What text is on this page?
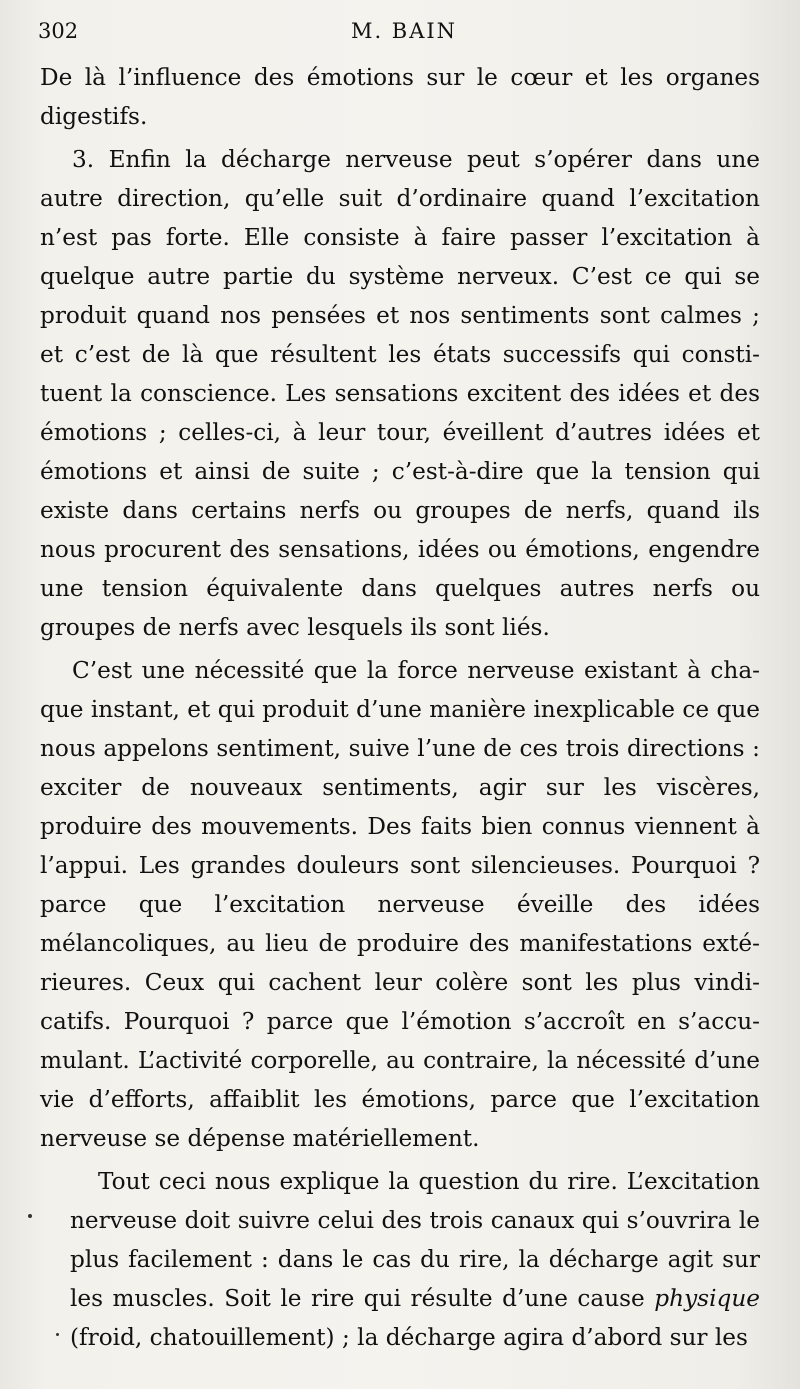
302	M. BAIN

De là l’influence des émotions sur le cœur et les organes digestifs.

3. Enfin la décharge nerveuse peut s’opérer dans une autre direction, qu’elle suit d’ordinaire quand l’excitation n’est pas forte. Elle consiste à faire passer l’excitation à quelque autre partie du système nerveux. C’est ce qui se produit quand nos pensées et nos sentiments sont calmes ; et c’est de là que résultent les états successifs qui constituent la conscience. Les sensations excitent des idées et des émotions ; celles-ci, à leur tour, éveillent d’autres idées et émotions et ainsi de suite ; c’est-à-dire que la tension qui existe dans certains nerfs ou groupes de nerfs, quand ils nous procurent des sensations, idées ou émotions, engendre une tension équivalente dans quelques autres nerfs ou groupes de nerfs avec lesquels ils sont liés.

C’est une nécessité que la force nerveuse existant à chaque instant, et qui produit d’une manière inexplicable ce que nous appelons sentiment, suive l’une de ces trois directions : exciter de nouveaux sentiments, agir sur les viscères, produire des mouvements. Des faits bien connus viennent à l’appui. Les grandes douleurs sont silencieuses. Pourquoi ? parce que l’excitation nerveuse éveille des idées mélancoliques, au lieu de produire des manifestations extérieures. Ceux qui cachent leur colère sont les plus vindicatifs. Pourquoi ? parce que l’émotion s’accroît en s’accumulant. L’activité corporelle, au contraire, la nécessité d’une vie d’efforts, affaiblit les émotions, parce que l’excitation nerveuse se dépense matériellement.

Tout ceci nous explique la question du rire. L’excitation nerveuse doit suivre celui des trois canaux qui s’ouvrira le plus facilement : dans le cas du rire, la décharge agit sur les muscles. Soit le rire qui résulte d’une cause physique (froid, chatouillement) ; la décharge agira d’abord sur les
